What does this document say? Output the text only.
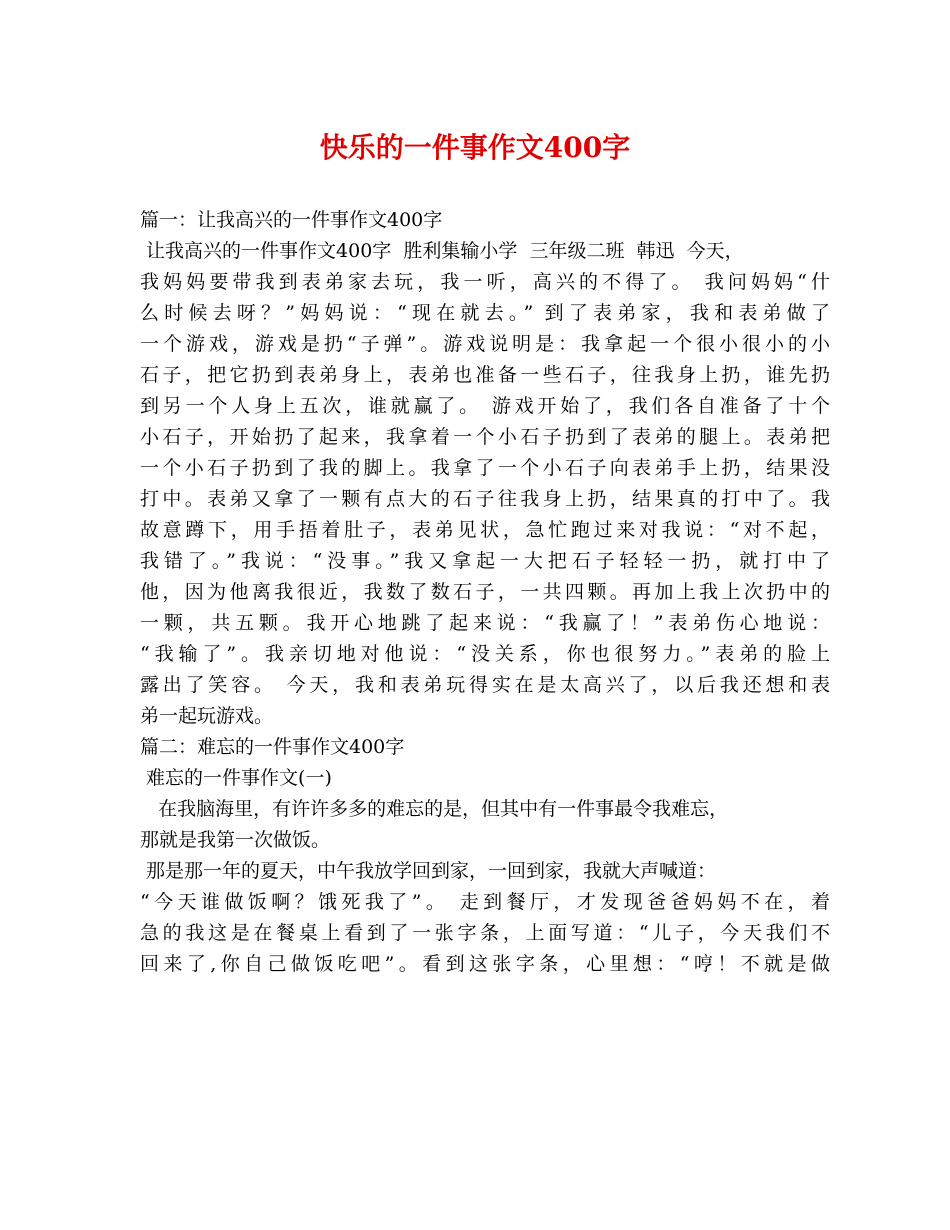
快乐的一件事作文400字
篇一：让我高兴的一件事作文400字
让我高兴的一件事作文400字  胜利集输小学  三年级二班  韩迅  今天，
我妈妈要带我到表弟家去玩，我一听，高兴的不得了。 我问妈妈“什
么时候去呀？”妈妈说：“现在就去。” 到了表弟家，我和表弟做了
一个游戏，游戏是扔“子弹”。游戏说明是：我拿起一个很小很小的小
石子，把它扔到表弟身上，表弟也准备一些石子，往我身上扔，谁先扔
到另一个人身上五次，谁就赢了。 游戏开始了，我们各自准备了十个
小石子，开始扔了起来，我拿着一个小石子扔到了表弟的腿上。表弟把
一个小石子扔到了我的脚上。我拿了一个小石子向表弟手上扔，结果没
打中。表弟又拿了一颗有点大的石子往我身上扔，结果真的打中了。我
故意蹲下，用手捂着肚子，表弟见状，急忙跑过来对我说：“对不起，
我错了。”我说：“没事。”我又拿起一大把石子轻轻一扔，就打中了
他，因为他离我很近，我数了数石子，一共四颗。再加上我上次扔中的
一颗，共五颗。我开心地跳了起来说：“我赢了！”表弟伤心地说：
“我输了”。我亲切地对他说：“没关系，你也很努力。”表弟的脸上
露出了笑容。 今天，我和表弟玩得实在是太高兴了，以后我还想和表
弟一起玩游戏。
篇二：难忘的一件事作文400字
难忘的一件事作文(一)
在我脑海里，有许许多多的难忘的是，但其中有一件事最令我难忘，
那就是我第一次做饭。
那是那一年的夏天，中午我放学回到家，一回到家，我就大声喊道：
“今天谁做饭啊？饿死我了”。 走到餐厅，才发现爸爸妈妈不在，着
急的我这是在餐桌上看到了一张字条，上面写道：“儿子，今天我们不
回来了,你自己做饭吃吧”。看到这张字条，心里想：“哼！不就是做
